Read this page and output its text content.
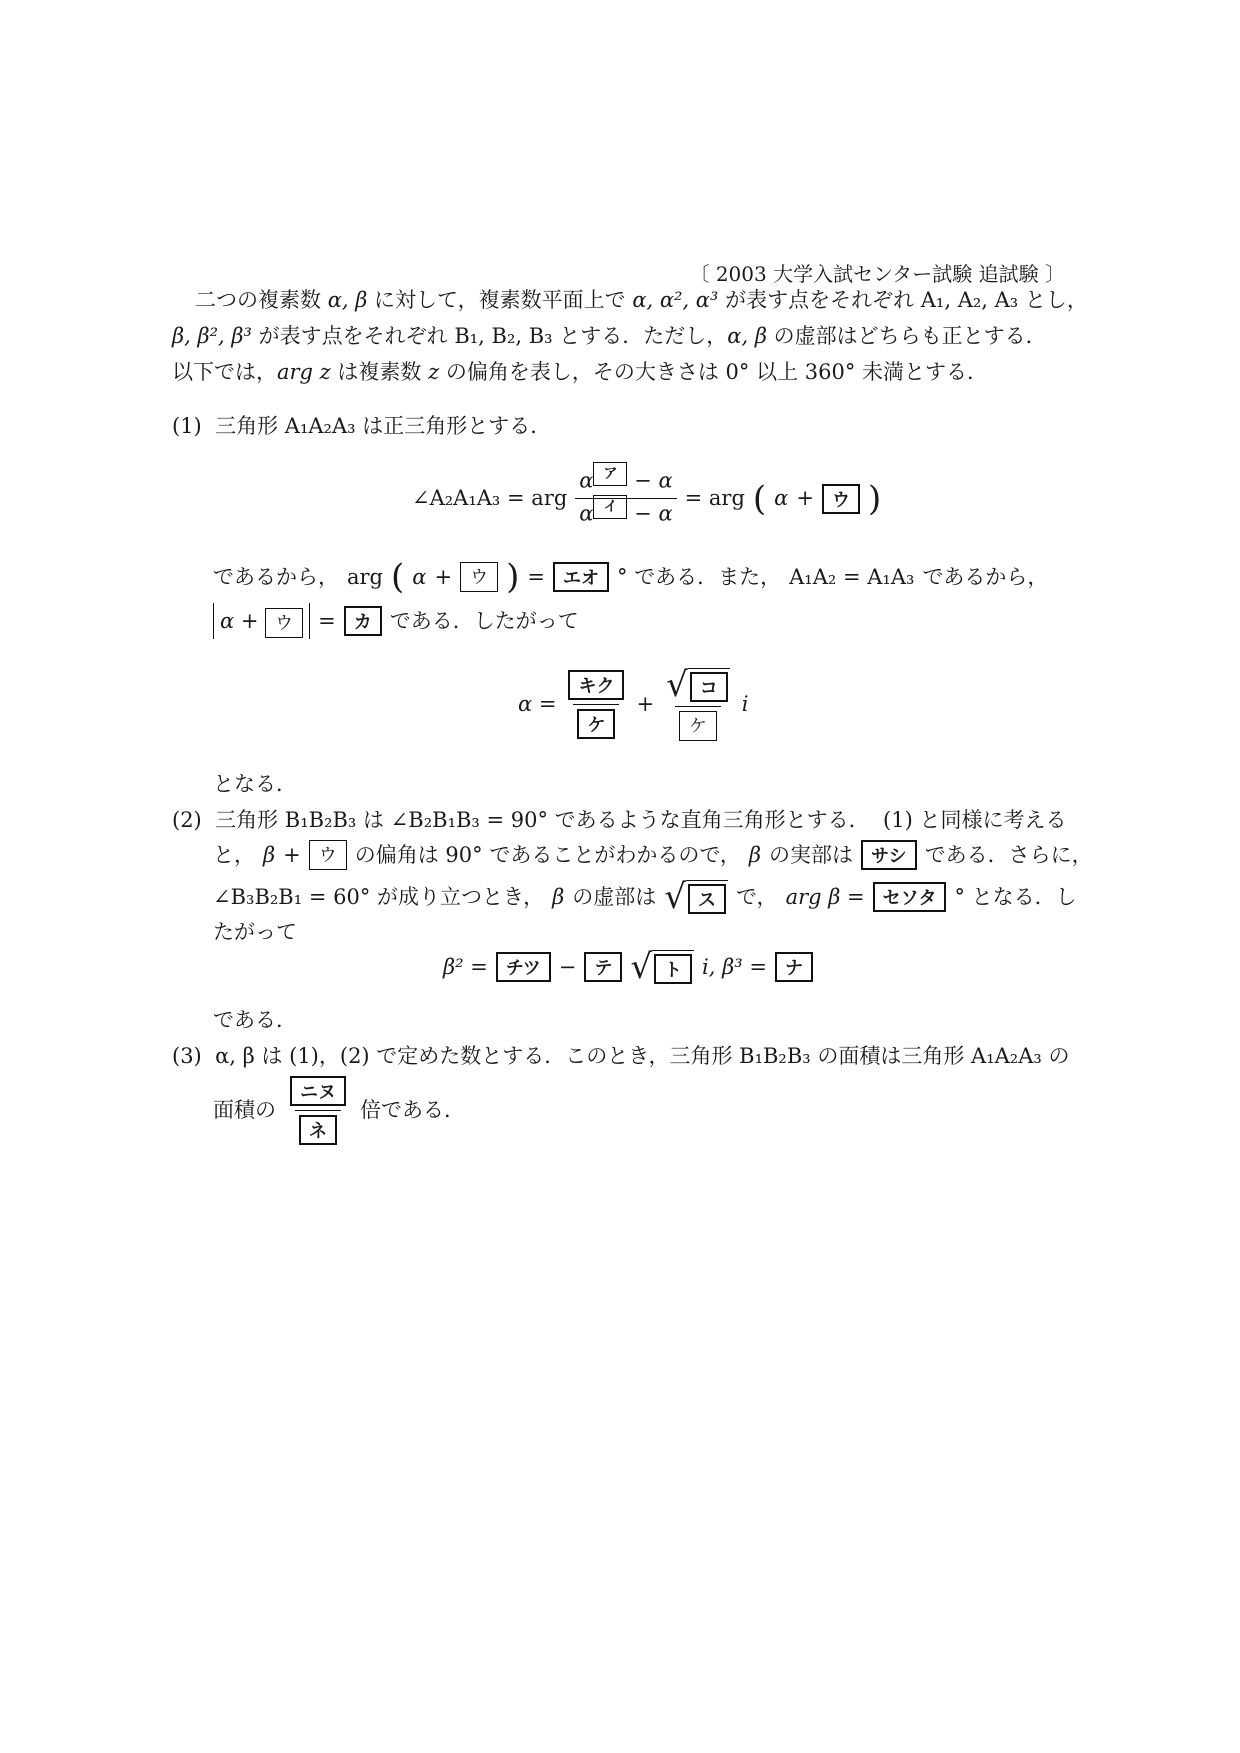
〔 2003 大学入試センター試験 追試験 〕
二つの複素数 α, β に対して，複素数平面上で α, α², α³ が表す点をそれぞれ A₁, A₂, A₃ とし，
β, β², β³ が表す点をそれぞれ B₁, B₂, B₃ とする．ただし，α, β の虚部はどちらも正とする．
以下では，arg z は複素数 z の偏角を表し，その大きさは 0° 以上 360° 未満とする．
(1) 三角形 A₁A₂A₃ は正三角形とする．
∠A₂A₁A₃ = arg $\frac{\text{α ア − α}}{\text{α イ − α}}$ = arg ( α +	ウ )
であるから， arg ( α +	ウ ) =	エオ ° である．また， A₁A₂ = A₁A₃ であるから，
α + ウ	=	カ である．したがって
$\alpha = \frac{\text{キク}}{\text{ケ}} + \frac{\text{√ コ}}{\text{ケ}}$ i
となる．
(2) 三角形 B₁B₂B₃ は ∠B₂B₁B₃ = 90° であるような直角三角形とする． (1) と同様に考える
と， β +	ウ の偏角は 90° であることがわかるので， β の実部は	サシ である．さらに，
∠B₃B₂B₁ = 60° が成り立つとき， β の虚部は √ ス で， arg β =	セソタ ° となる．し
たがって
β² =	チツ −	テ √ ト i, β³ =	ナ
である．
(3) α, β は (1)，(2) で定めた数とする．このとき，三角形 B₁B₂B₃ の面積は三角形 A₁A₂A₃ の
面積の $\frac{\text{ニヌ}}{\text{ネ}}$ 倍である．
